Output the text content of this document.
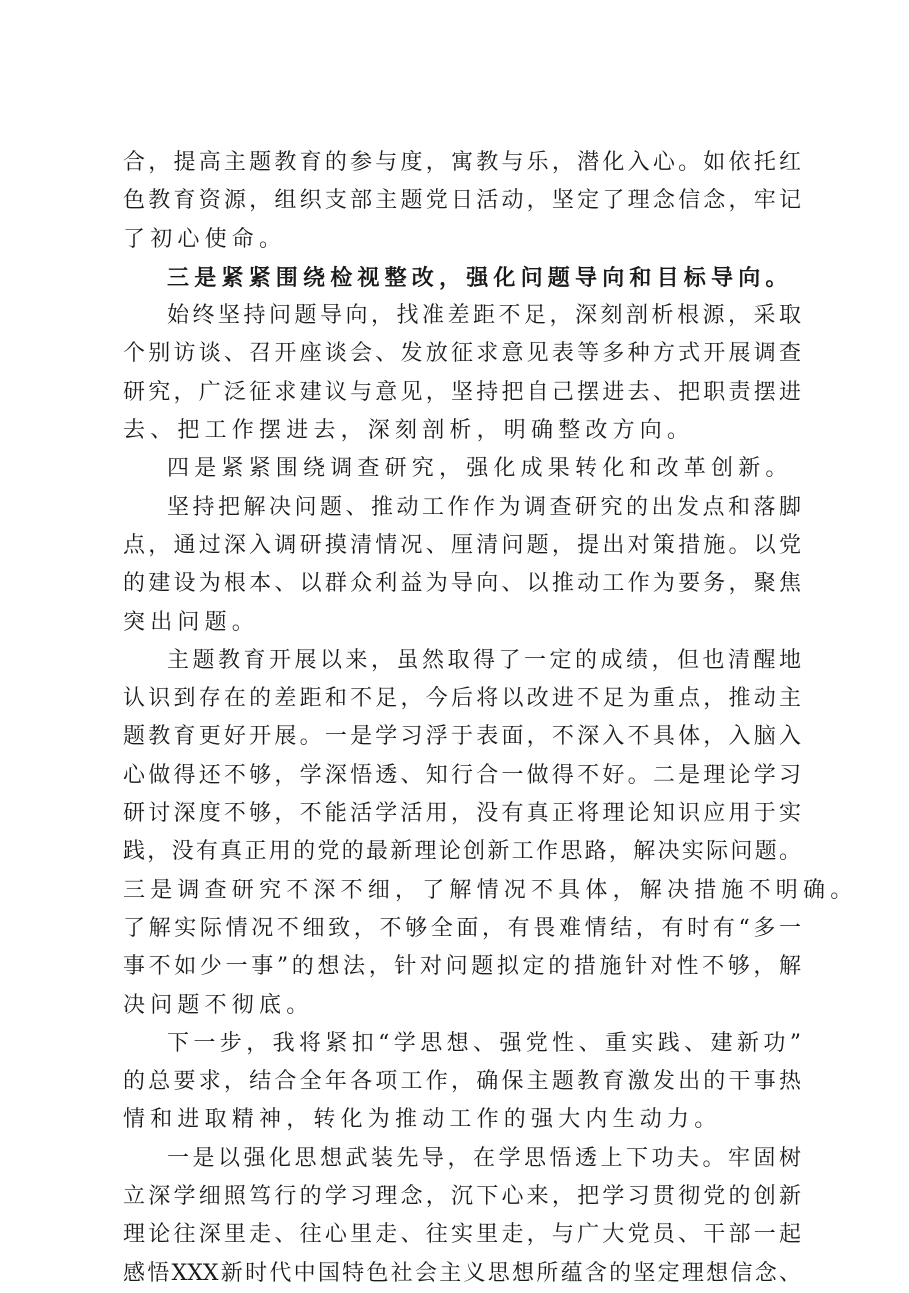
合，提高主题教育的参与度，寓教与乐，潜化入心。如依托红
色教育资源，组织支部主题党日活动，坚定了理念信念，牢记
了初心使命。
三是紧紧围绕检视整改，强化问题导向和目标导向。
始终坚持问题导向，找准差距不足，深刻剖析根源，采取
个别访谈、召开座谈会、发放征求意见表等多种方式开展调查
研究，广泛征求建议与意见，坚持把自己摆进去、把职责摆进
去、把工作摆进去，深刻剖析，明确整改方向。
四是紧紧围绕调查研究，强化成果转化和改革创新。
坚持把解决问题、推动工作作为调查研究的出发点和落脚
点，通过深入调研摸清情况、厘清问题，提出对策措施。以党
的建设为根本、以群众利益为导向、以推动工作为要务，聚焦
突出问题。
主题教育开展以来，虽然取得了一定的成绩，但也清醒地
认识到存在的差距和不足，今后将以改进不足为重点，推动主
题教育更好开展。一是学习浮于表面，不深入不具体，入脑入
心做得还不够，学深悟透、知行合一做得不好。二是理论学习
研讨深度不够，不能活学活用，没有真正将理论知识应用于实
践，没有真正用的党的最新理论创新工作思路，解决实际问题。
三是调查研究不深不细，了解情况不具体，解决措施不明确。
了解实际情况不细致，不够全面，有畏难情结，有时有“多一
事不如少一事”的想法，针对问题拟定的措施针对性不够，解
决问题不彻底。
下一步，我将紧扣“学思想、强党性、重实践、建新功”
的总要求，结合全年各项工作，确保主题教育激发出的干事热
情和进取精神，转化为推动工作的强大内生动力。
一是以强化思想武装先导，在学思悟透上下功夫。牢固树
立深学细照笃行的学习理念，沉下心来，把学习贯彻党的创新
理论往深里走、往心里走、往实里走，与广大党员、干部一起
感悟XXX新时代中国特色社会主义思想所蕴含的坚定理想信念、
